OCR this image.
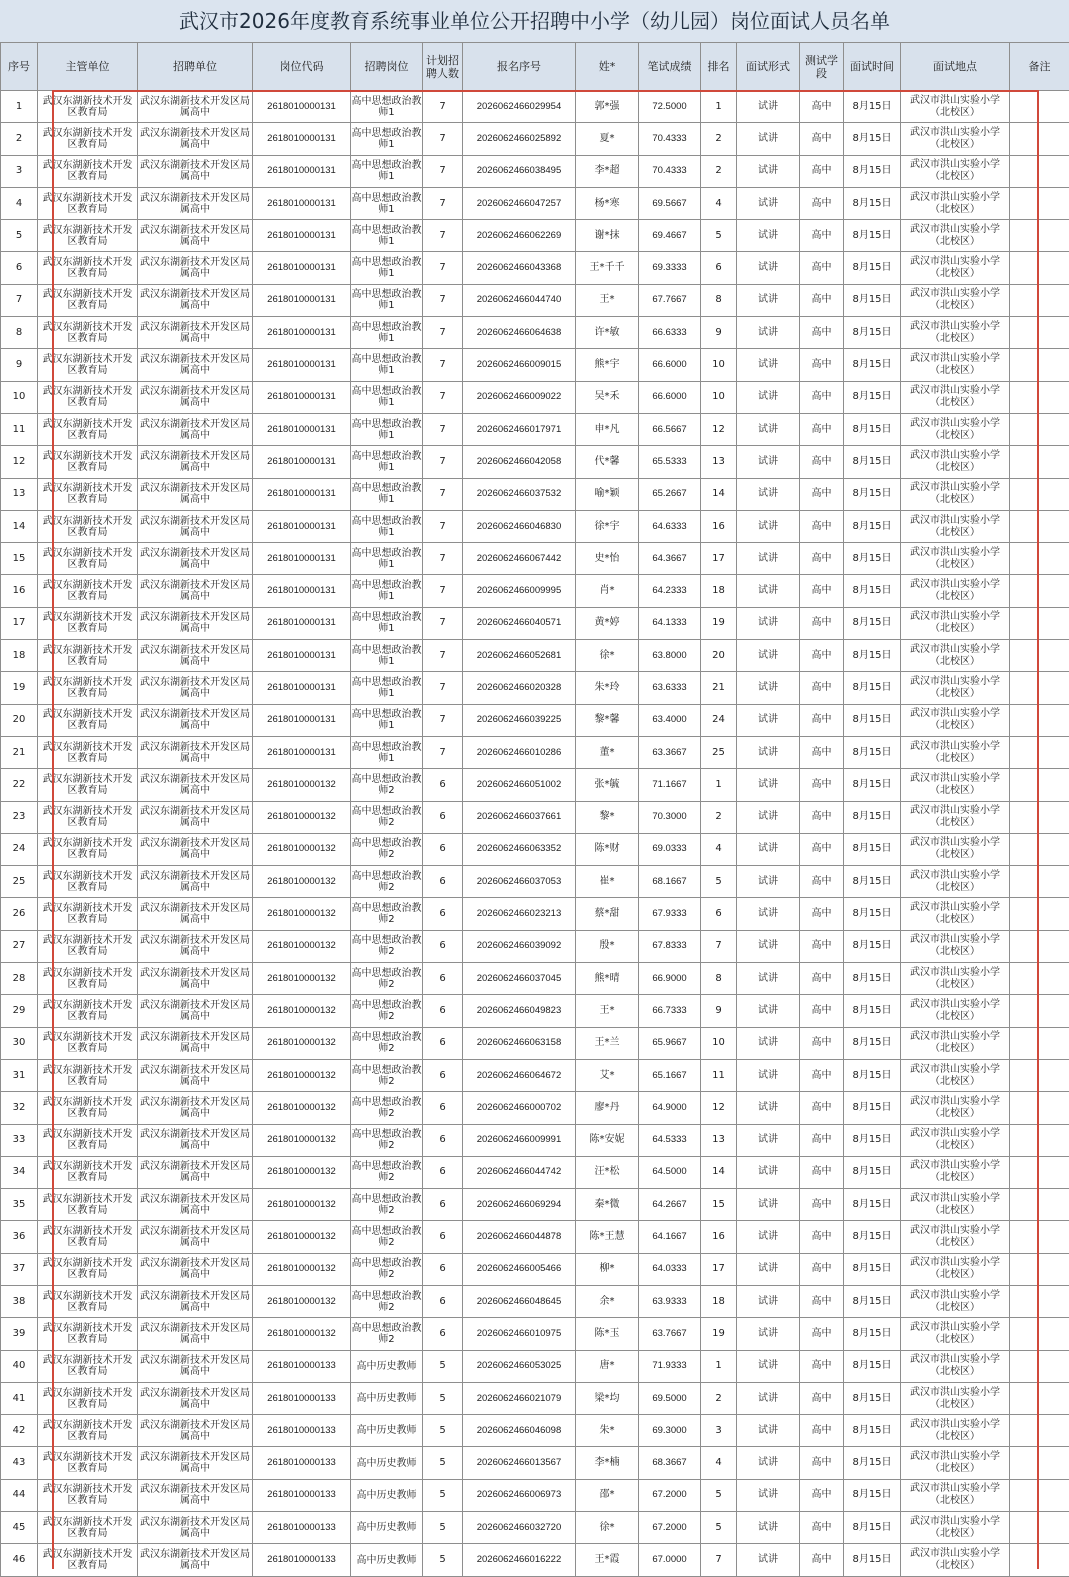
武汉市2026年度教育系统事业单位公开招聘中小学（幼儿园）岗位面试人员名单
序号	主管单位	招聘单位	岗位代码	招聘岗位	计划招聘人数	报名序号	姓*	笔试成绩	排名	面试形式	测试学段	面试时间	面试地点	备注
1	武汉东湖新技术开发区教育局	武汉东湖新技术开发区局属高中	2618010000131	高中思想政治教师1	7	2026062466029954	郭*强	72.5000	1	试讲	高中	8月15日	武汉市洪山实验小学（北校区）	
2	武汉东湖新技术开发区教育局	武汉东湖新技术开发区局属高中	2618010000131	高中思想政治教师1	7	2026062466025892	夏*	70.4333	2	试讲	高中	8月15日	武汉市洪山实验小学（北校区）	
3	武汉东湖新技术开发区教育局	武汉东湖新技术开发区局属高中	2618010000131	高中思想政治教师1	7	2026062466038495	李*超	70.4333	2	试讲	高中	8月15日	武汉市洪山实验小学（北校区）	
4	武汉东湖新技术开发区教育局	武汉东湖新技术开发区局属高中	2618010000131	高中思想政治教师1	7	2026062466047257	杨*寒	69.5667	4	试讲	高中	8月15日	武汉市洪山实验小学（北校区）	
5	武汉东湖新技术开发区教育局	武汉东湖新技术开发区局属高中	2618010000131	高中思想政治教师1	7	2026062466062269	谢*抹	69.4667	5	试讲	高中	8月15日	武汉市洪山实验小学（北校区）	
6	武汉东湖新技术开发区教育局	武汉东湖新技术开发区局属高中	2618010000131	高中思想政治教师1	7	2026062466043368	王*千千	69.3333	6	试讲	高中	8月15日	武汉市洪山实验小学（北校区）	
7	武汉东湖新技术开发区教育局	武汉东湖新技术开发区局属高中	2618010000131	高中思想政治教师1	7	2026062466044740	王*	67.7667	8	试讲	高中	8月15日	武汉市洪山实验小学（北校区）	
8	武汉东湖新技术开发区教育局	武汉东湖新技术开发区局属高中	2618010000131	高中思想政治教师1	7	2026062466064638	许*敏	66.6333	9	试讲	高中	8月15日	武汉市洪山实验小学（北校区）	
9	武汉东湖新技术开发区教育局	武汉东湖新技术开发区局属高中	2618010000131	高中思想政治教师1	7	2026062466009015	熊*宇	66.6000	10	试讲	高中	8月15日	武汉市洪山实验小学（北校区）	
10	武汉东湖新技术开发区教育局	武汉东湖新技术开发区局属高中	2618010000131	高中思想政治教师1	7	2026062466009022	吴*禾	66.6000	10	试讲	高中	8月15日	武汉市洪山实验小学（北校区）	
11	武汉东湖新技术开发区教育局	武汉东湖新技术开发区局属高中	2618010000131	高中思想政治教师1	7	2026062466017971	申*凡	66.5667	12	试讲	高中	8月15日	武汉市洪山实验小学（北校区）	
12	武汉东湖新技术开发区教育局	武汉东湖新技术开发区局属高中	2618010000131	高中思想政治教师1	7	2026062466042058	代*馨	65.5333	13	试讲	高中	8月15日	武汉市洪山实验小学（北校区）	
13	武汉东湖新技术开发区教育局	武汉东湖新技术开发区局属高中	2618010000131	高中思想政治教师1	7	2026062466037532	喻*颖	65.2667	14	试讲	高中	8月15日	武汉市洪山实验小学（北校区）	
14	武汉东湖新技术开发区教育局	武汉东湖新技术开发区局属高中	2618010000131	高中思想政治教师1	7	2026062466046830	徐*宇	64.6333	16	试讲	高中	8月15日	武汉市洪山实验小学（北校区）	
15	武汉东湖新技术开发区教育局	武汉东湖新技术开发区局属高中	2618010000131	高中思想政治教师1	7	2026062466067442	史*怡	64.3667	17	试讲	高中	8月15日	武汉市洪山实验小学（北校区）	
16	武汉东湖新技术开发区教育局	武汉东湖新技术开发区局属高中	2618010000131	高中思想政治教师1	7	2026062466009995	肖*	64.2333	18	试讲	高中	8月15日	武汉市洪山实验小学（北校区）	
17	武汉东湖新技术开发区教育局	武汉东湖新技术开发区局属高中	2618010000131	高中思想政治教师1	7	2026062466040571	黄*婷	64.1333	19	试讲	高中	8月15日	武汉市洪山实验小学（北校区）	
18	武汉东湖新技术开发区教育局	武汉东湖新技术开发区局属高中	2618010000131	高中思想政治教师1	7	2026062466052681	徐*	63.8000	20	试讲	高中	8月15日	武汉市洪山实验小学（北校区）	
19	武汉东湖新技术开发区教育局	武汉东湖新技术开发区局属高中	2618010000131	高中思想政治教师1	7	2026062466020328	朱*玲	63.6333	21	试讲	高中	8月15日	武汉市洪山实验小学（北校区）	
20	武汉东湖新技术开发区教育局	武汉东湖新技术开发区局属高中	2618010000131	高中思想政治教师1	7	2026062466039225	黎*馨	63.4000	24	试讲	高中	8月15日	武汉市洪山实验小学（北校区）	
21	武汉东湖新技术开发区教育局	武汉东湖新技术开发区局属高中	2618010000131	高中思想政治教师1	7	2026062466010286	董*	63.3667	25	试讲	高中	8月15日	武汉市洪山实验小学（北校区）	
22	武汉东湖新技术开发区教育局	武汉东湖新技术开发区局属高中	2618010000132	高中思想政治教师2	6	2026062466051002	张*毓	71.1667	1	试讲	高中	8月15日	武汉市洪山实验小学（北校区）	
23	武汉东湖新技术开发区教育局	武汉东湖新技术开发区局属高中	2618010000132	高中思想政治教师2	6	2026062466037661	黎*	70.3000	2	试讲	高中	8月15日	武汉市洪山实验小学（北校区）	
24	武汉东湖新技术开发区教育局	武汉东湖新技术开发区局属高中	2618010000132	高中思想政治教师2	6	2026062466063352	陈*财	69.0333	4	试讲	高中	8月15日	武汉市洪山实验小学（北校区）	
25	武汉东湖新技术开发区教育局	武汉东湖新技术开发区局属高中	2618010000132	高中思想政治教师2	6	2026062466037053	崔*	68.1667	5	试讲	高中	8月15日	武汉市洪山实验小学（北校区）	
26	武汉东湖新技术开发区教育局	武汉东湖新技术开发区局属高中	2618010000132	高中思想政治教师2	6	2026062466023213	蔡*甜	67.9333	6	试讲	高中	8月15日	武汉市洪山实验小学（北校区）	
27	武汉东湖新技术开发区教育局	武汉东湖新技术开发区局属高中	2618010000132	高中思想政治教师2	6	2026062466039092	殷*	67.8333	7	试讲	高中	8月15日	武汉市洪山实验小学（北校区）	
28	武汉东湖新技术开发区教育局	武汉东湖新技术开发区局属高中	2618010000132	高中思想政治教师2	6	2026062466037045	熊*晴	66.9000	8	试讲	高中	8月15日	武汉市洪山实验小学（北校区）	
29	武汉东湖新技术开发区教育局	武汉东湖新技术开发区局属高中	2618010000132	高中思想政治教师2	6	2026062466049823	王*	66.7333	9	试讲	高中	8月15日	武汉市洪山实验小学（北校区）	
30	武汉东湖新技术开发区教育局	武汉东湖新技术开发区局属高中	2618010000132	高中思想政治教师2	6	2026062466063158	王*兰	65.9667	10	试讲	高中	8月15日	武汉市洪山实验小学（北校区）	
31	武汉东湖新技术开发区教育局	武汉东湖新技术开发区局属高中	2618010000132	高中思想政治教师2	6	2026062466064672	艾*	65.1667	11	试讲	高中	8月15日	武汉市洪山实验小学（北校区）	
32	武汉东湖新技术开发区教育局	武汉东湖新技术开发区局属高中	2618010000132	高中思想政治教师2	6	2026062466000702	廖*丹	64.9000	12	试讲	高中	8月15日	武汉市洪山实验小学（北校区）	
33	武汉东湖新技术开发区教育局	武汉东湖新技术开发区局属高中	2618010000132	高中思想政治教师2	6	2026062466009991	陈*安妮	64.5333	13	试讲	高中	8月15日	武汉市洪山实验小学（北校区）	
34	武汉东湖新技术开发区教育局	武汉东湖新技术开发区局属高中	2618010000132	高中思想政治教师2	6	2026062466044742	汪*松	64.5000	14	试讲	高中	8月15日	武汉市洪山实验小学（北校区）	
35	武汉东湖新技术开发区教育局	武汉东湖新技术开发区局属高中	2618010000132	高中思想政治教师2	6	2026062466069294	秦*微	64.2667	15	试讲	高中	8月15日	武汉市洪山实验小学（北校区）	
36	武汉东湖新技术开发区教育局	武汉东湖新技术开发区局属高中	2618010000132	高中思想政治教师2	6	2026062466044878	陈*王慧	64.1667	16	试讲	高中	8月15日	武汉市洪山实验小学（北校区）	
37	武汉东湖新技术开发区教育局	武汉东湖新技术开发区局属高中	2618010000132	高中思想政治教师2	6	2026062466005466	柳*	64.0333	17	试讲	高中	8月15日	武汉市洪山实验小学（北校区）	
38	武汉东湖新技术开发区教育局	武汉东湖新技术开发区局属高中	2618010000132	高中思想政治教师2	6	2026062466048645	余*	63.9333	18	试讲	高中	8月15日	武汉市洪山实验小学（北校区）	
39	武汉东湖新技术开发区教育局	武汉东湖新技术开发区局属高中	2618010000132	高中思想政治教师2	6	2026062466010975	陈*玉	63.7667	19	试讲	高中	8月15日	武汉市洪山实验小学（北校区）	
40	武汉东湖新技术开发区教育局	武汉东湖新技术开发区局属高中	2618010000133	高中历史教师	5	2026062466053025	唐*	71.9333	1	试讲	高中	8月15日	武汉市洪山实验小学（北校区）	
41	武汉东湖新技术开发区教育局	武汉东湖新技术开发区局属高中	2618010000133	高中历史教师	5	2026062466021079	梁*均	69.5000	2	试讲	高中	8月15日	武汉市洪山实验小学（北校区）	
42	武汉东湖新技术开发区教育局	武汉东湖新技术开发区局属高中	2618010000133	高中历史教师	5	2026062466046098	朱*	69.3000	3	试讲	高中	8月15日	武汉市洪山实验小学（北校区）	
43	武汉东湖新技术开发区教育局	武汉东湖新技术开发区局属高中	2618010000133	高中历史教师	5	2026062466013567	李*楠	68.3667	4	试讲	高中	8月15日	武汉市洪山实验小学（北校区）	
44	武汉东湖新技术开发区教育局	武汉东湖新技术开发区局属高中	2618010000133	高中历史教师	5	2026062466006973	邵*	67.2000	5	试讲	高中	8月15日	武汉市洪山实验小学（北校区）	
45	武汉东湖新技术开发区教育局	武汉东湖新技术开发区局属高中	2618010000133	高中历史教师	5	2026062466032720	徐*	67.2000	5	试讲	高中	8月15日	武汉市洪山实验小学（北校区）	
46	武汉东湖新技术开发区教育局	武汉东湖新技术开发区局属高中	2618010000133	高中历史教师	5	2026062466016222	王*霞	67.0000	7	试讲	高中	8月15日	武汉市洪山实验小学（北校区）	
